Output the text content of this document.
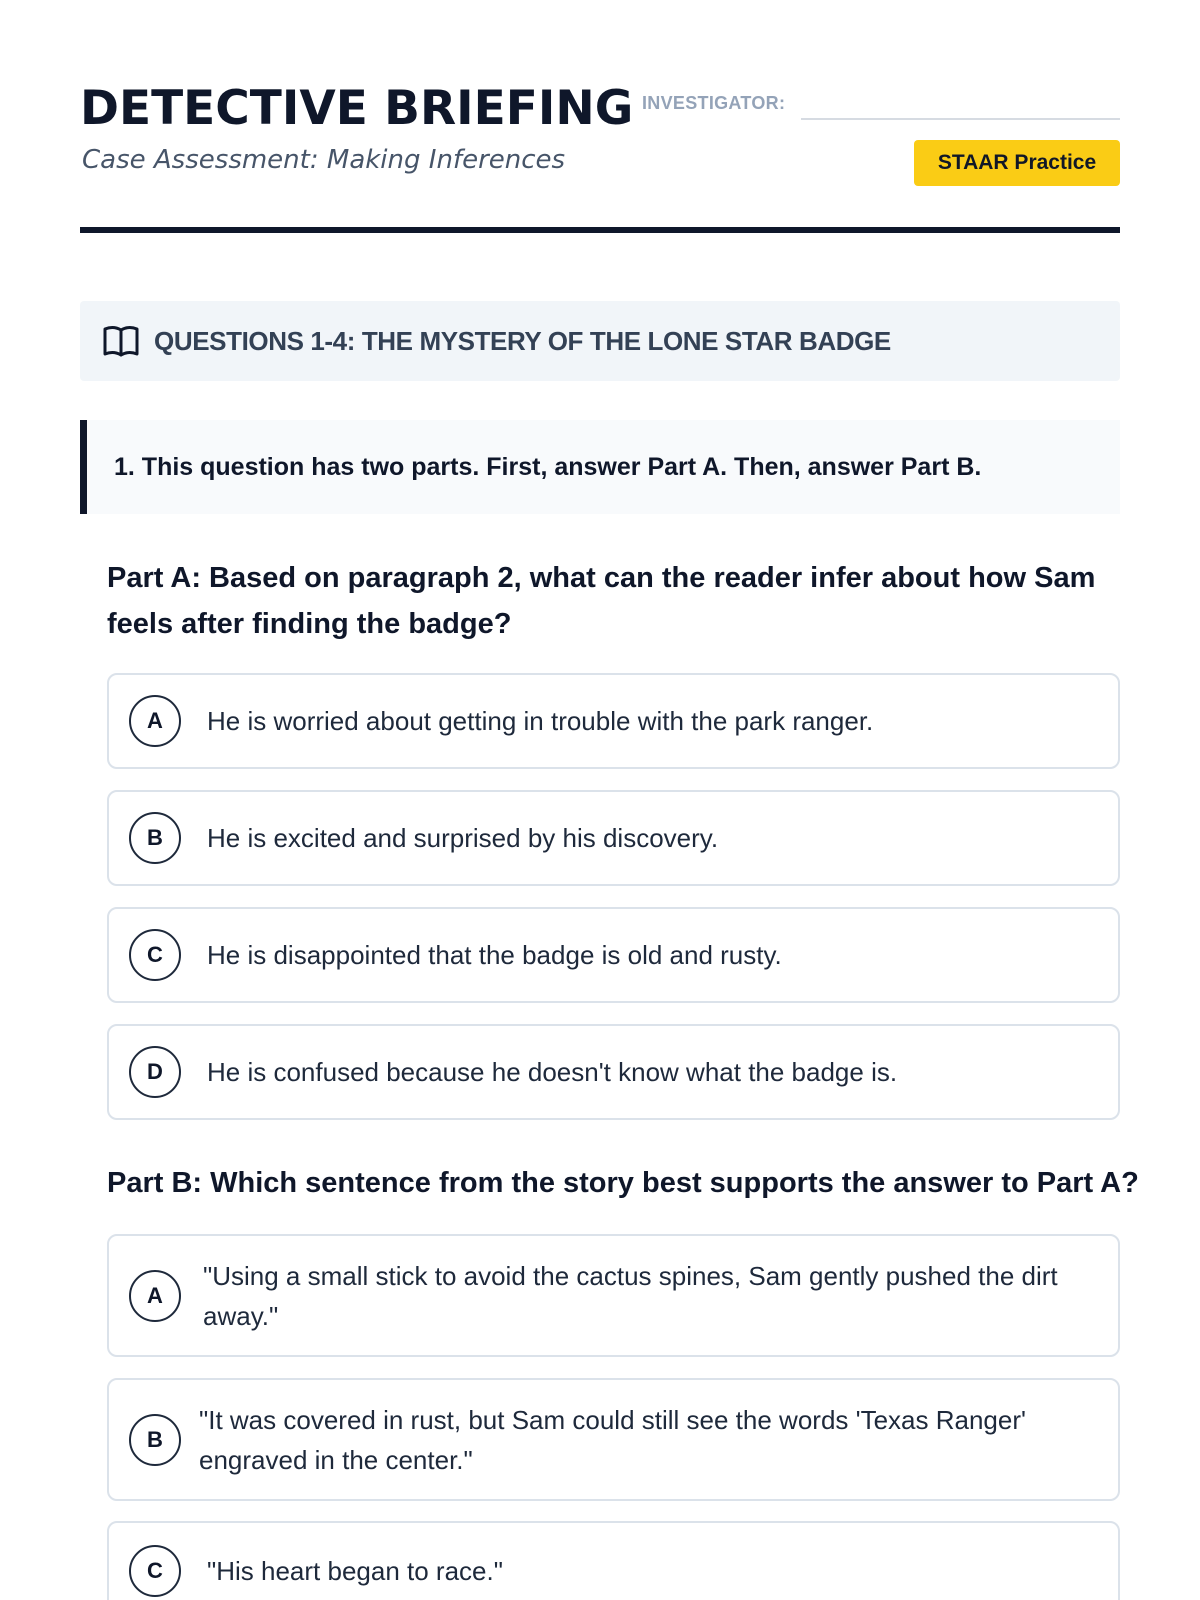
DETECTIVE BRIEFING INVESTIGATOR:
Case Assessment: Making Inferences	STAAR Practice
QUESTIONS 1-4: THE MYSTERY OF THE LONE STAR BADGE
1. This question has two parts. First, answer Part A. Then, answer Part B.
Part A: Based on paragraph 2, what can the reader infer about how Sam feels after finding the badge?
A	He is worried about getting in trouble with the park ranger.
B	He is excited and surprised by his discovery.
C	He is disappointed that the badge is old and rusty.
D	He is confused because he doesn't know what the badge is.
Part B: Which sentence from the story best supports the answer to Part A?
A
"Using a small stick to avoid the cactus spines, Sam gently pushed the dirt away."
B
"It was covered in rust, but Sam could still see the words 'Texas Ranger' engraved in the center."
C	"His heart began to race."
